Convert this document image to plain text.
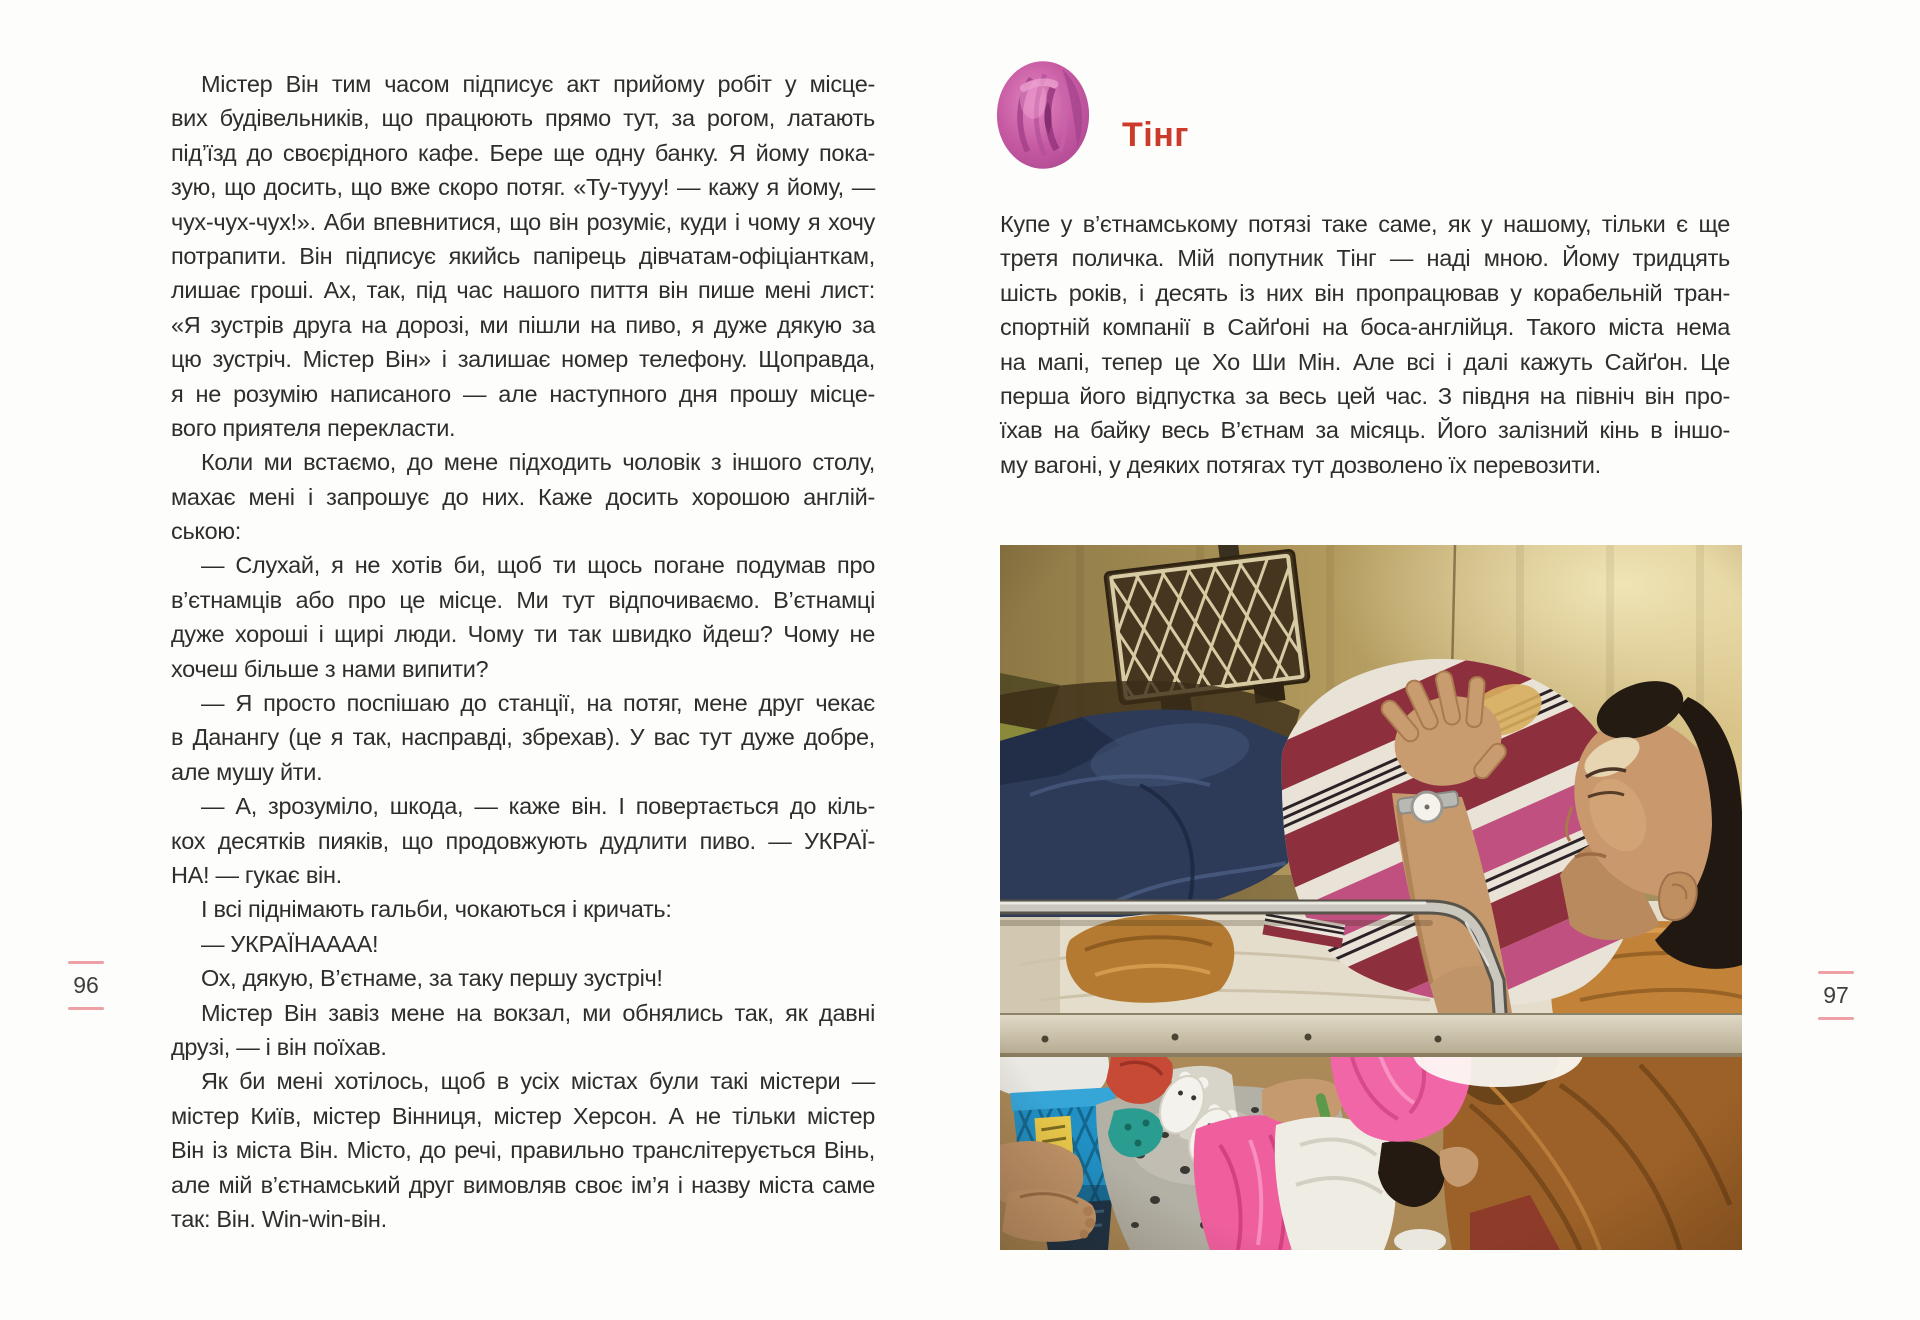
Містер Він тим часом підписує акт прийому робіт у місце-
вих будівельників, що працюють прямо тут, за рогом, латають
під’їзд до своєрідного кафе. Бере ще одну банку. Я йому пока-
зую, що досить, що вже скоро потяг. «Ту-тууу! — кажу я йому, —
чух-чух-чух!». Аби впевнитися, що він розуміє, куди і чому я хочу
потрапити. Він підписує якийсь папірець дівчатам-офіціанткам,
лишає гроші. Ах, так, під час нашого пиття він пише мені лист:
«Я зустрів друга на дорозі, ми пішли на пиво, я дуже дякую за
цю зустріч. Містер Він» і залишає номер телефону. Щоправда,
я не розумію написаного — але наступного дня прошу місце-
вого приятеля перекласти.
Коли ми встаємо, до мене підходить чоловік з іншого столу,
махає мені і запрошує до них. Каже досить хорошою англій-
ською:
— Слухай, я не хотів би, щоб ти щось погане подумав про
в’єтнамців або про це місце. Ми тут відпочиваємо. В’єтнамці
дуже хороші і щирі люди. Чому ти так швидко йдеш? Чому не
хочеш більше з нами випити?
— Я просто поспішаю до станції, на потяг, мене друг чекає
в Данангу (це я так, насправді, збрехав). У вас тут дуже добре,
але мушу йти.
— А, зрозуміло, шкода, — каже він. І повертається до кіль-
кох десятків пияків, що продовжують дудлити пиво. — УКРАЇ-
НА! — гукає він.
І всі піднімають гальби, чокаються і кричать:
— УКРАЇНАААА!
Ох, дякую, В’єтнаме, за таку першу зустріч!
Містер Він завіз мене на вокзал, ми обнялись так, як давні
друзі, — і він поїхав.
Як би мені хотілось, щоб в усіх містах були такі містери —
містер Київ, містер Вінниця, містер Херсон. А не тільки містер
Він із міста Він. Місто, до речі, правильно транслітерується Вінь,
але мій в’єтнамський друг вимовляв своє ім’я і назву міста саме
так: Він. Win-win-він.
96
Тінг
Купе у в’єтнамському потязі таке саме, як у нашому, тільки є ще
третя поличка. Мій попутник Тінг — наді мною. Йому тридцять
шість років, і десять із них він пропрацював у корабельній тран-
спортній компанії в Сайґоні на боса-англійця. Такого міста нема
на мапі, тепер це Хо Ши Мін. Але всі і далі кажуть Сайґон. Це
перша його відпустка за весь цей час. З півдня на північ він про-
їхав на байку весь В’єтнам за місяць. Його залізний кінь в іншо-
му вагоні, у деяких потягах тут дозволено їх перевозити.
97
